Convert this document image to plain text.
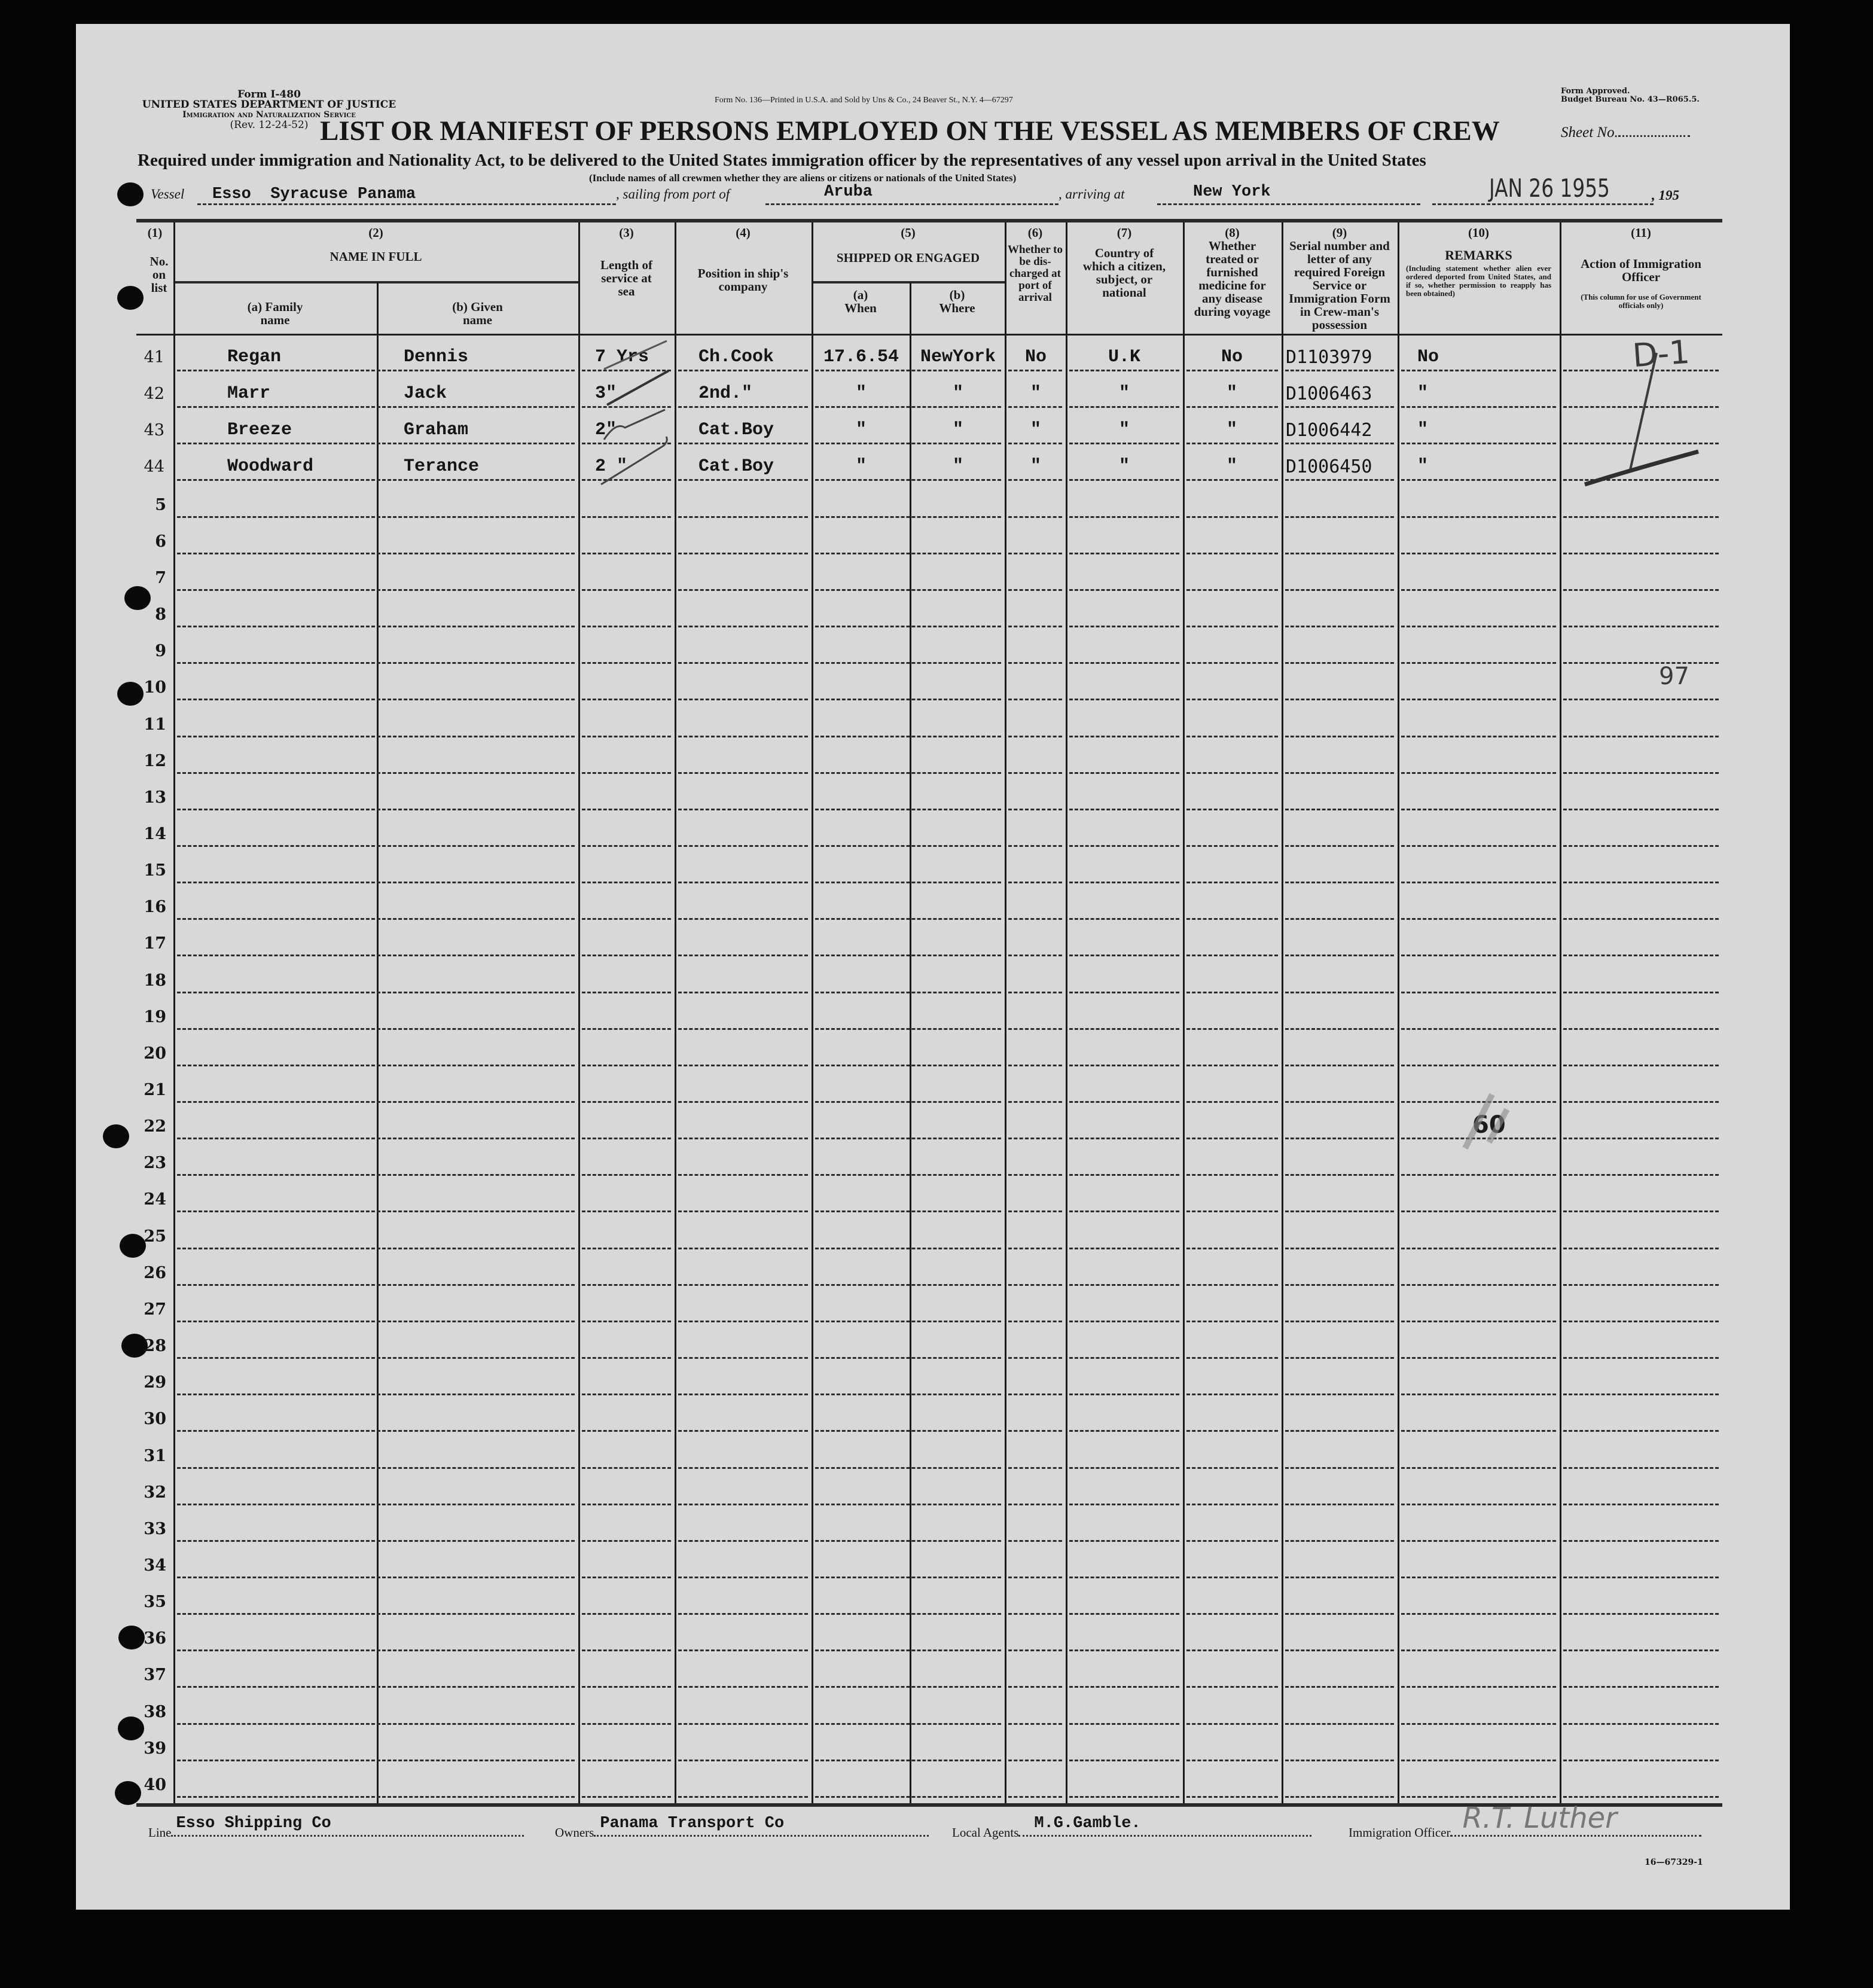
Form I-480
UNITED STATES DEPARTMENT OF JUSTICE
Immigration and Naturalization Service
(Rev. 12-24-52)
Form No. 136—Printed in U.S.A. and Sold by Uns & Co., 24 Beaver St., N.Y. 4—67297
Form Approved.
Budget Bureau No. 43—R065.5.
LIST OR MANIFEST OF PERSONS EMPLOYED ON THE VESSEL AS MEMBERS OF CREW	Sheet No.
Required under immigration and Nationality Act, to be delivered to the United States immigration officer by the representatives of any vessel upon arrival in the United States
(Include names of all crewmen whether they are aliens or citizens or nationals of the United States)
Vessel Esso  Syracuse Panama	, sailing from port of	Aruba	, arriving at	New York	JAN 26 1955	, 195
(1)
No. on list
(2)
NAME IN FULL
(a) Family name
(b) Given name
(3)
Length of service at sea
(4)
Position in ship's company
(5)
SHIPPED OR ENGAGED
(a) When
(b) Where
(6)
Whether to be dis-charged at port of arrival
(7)
Country of which a citizen, subject, or national
(8)
Whether treated or furnished medicine for any disease during voyage
(9)
Serial number and letter of any required Foreign Service or Immigration Form in Crew-man's possession
(10)
REMARKS
(Including statement whether alien ever ordered deported from United States, and if so, whether permission to reapply has been obtained)
(11)
Action of Immigration Officer
(This column for use of Government officials only)
41	Regan	Dennis	7 Yrs	Ch.Cook	17.6.54	NewYork	No	U.K	No	D1103979	No
42	Marr	Jack	3"	2nd."	"	"	"	"	"	D1006463	"
43	Breeze	Graham	2"	Cat.Boy	"	"	"	"	"	D1006442	"
44	Woodward	Terance	2 "	Cat.Boy	"	"	"	"	"	D1006450	"
5
6
7
8
9
10
11
12
13
14
15
16
17
18
19
20
21
22
23
24
25
26
27
28
29
30
31
32
33
34
35
36
37
38
39
40
D-1
97
60
Line Esso Shipping Co	Owners Panama Transport Co	Local Agents M.G.Gamble.	Immigration Officer R.T. Luther
16—67329-1
